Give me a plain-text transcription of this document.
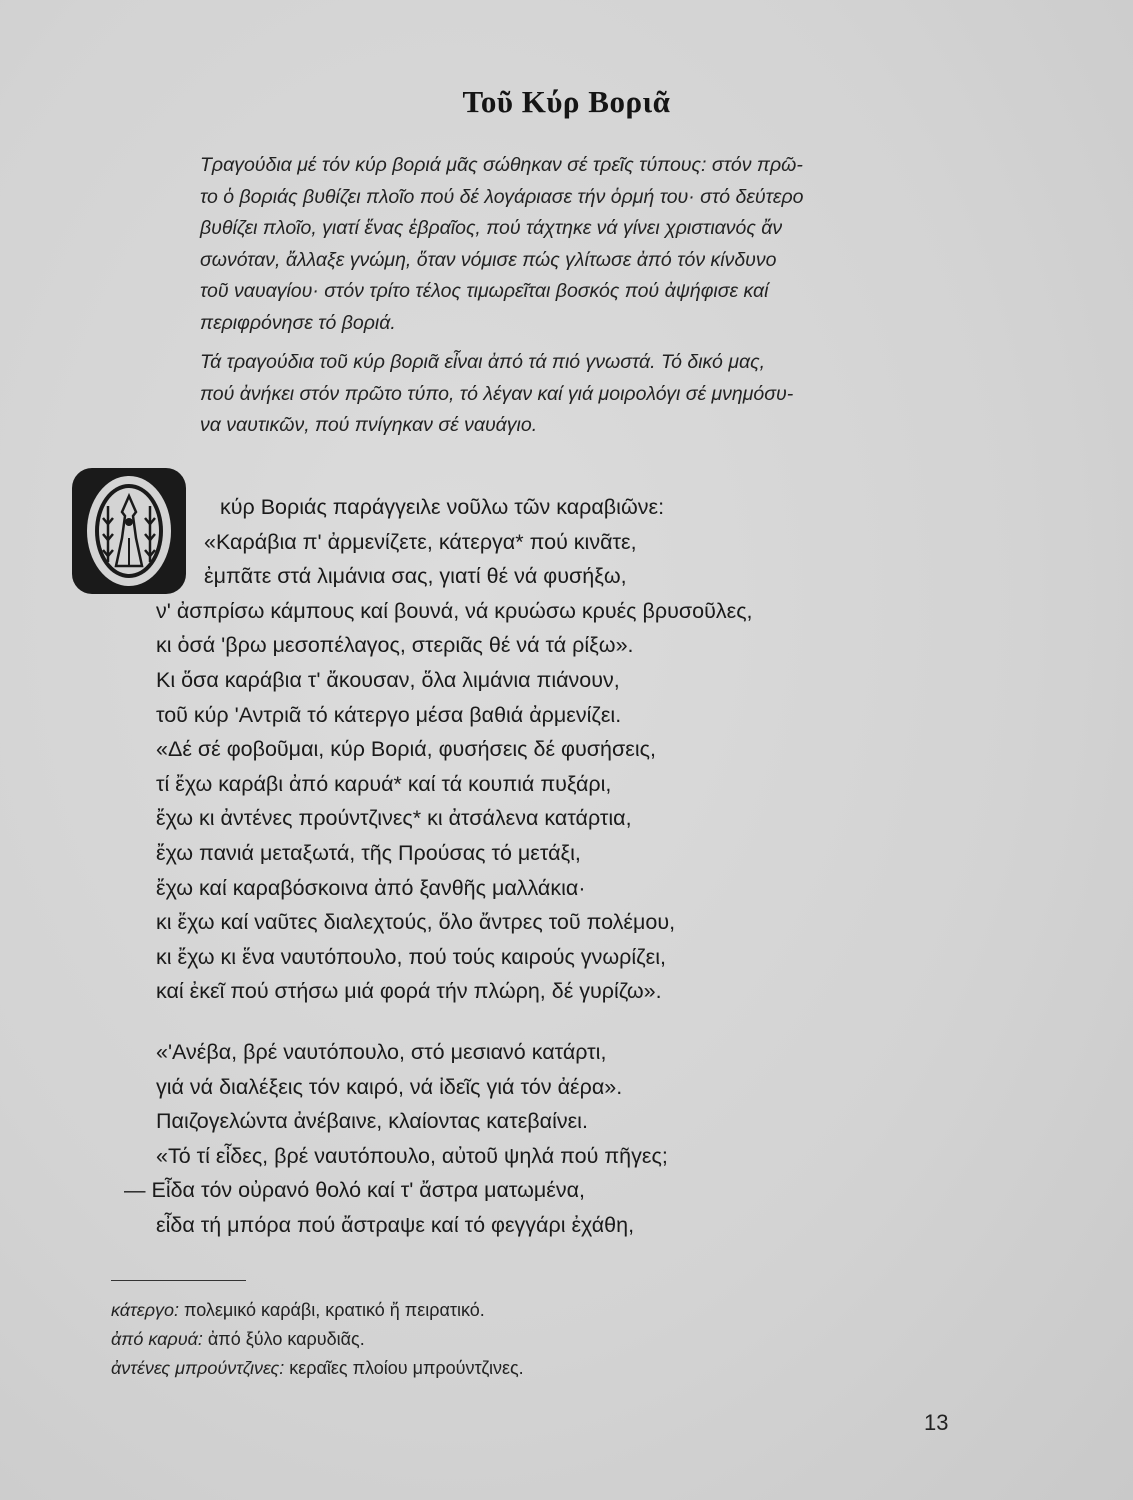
Τοῦ Κύρ Βοριᾶ

Τραγούδια μέ τόν κύρ βοριά μᾶς σώθηκαν σέ τρεῖς τύπους: στόν πρῶ-
το ὁ βοριάς βυθίζει πλοῖο πού δέ λογάριασε τήν ὁρμή του· στό δεύτερο
βυθίζει πλοῖο, γιατί ἕνας ἑβραῖος, πού τάχτηκε νά γίνει χριστιανός ἄν
σωνόταν, ἄλλαξε γνώμη, ὅταν νόμισε πώς γλίτωσε ἀπό τόν κίνδυνο
τοῦ ναυαγίου· στόν τρίτο τέλος τιμωρεῖται βοσκός πού ἀψήφισε καί
περιφρόνησε τό βοριά.

Τά τραγούδια τοῦ κύρ βοριᾶ εἶναι ἀπό τά πιό γνωστά. Τό δικό μας,
πού ἀνήκει στόν πρῶτο τύπο, τό λέγαν καί γιά μοιρολόγι σέ μνημόσυ-
να ναυτικῶν, πού πνίγηκαν σέ ναυάγιο.

κύρ Βοριάς παράγγειλε νοῦλω τῶν καραβιῶνε:
«Καράβια π' ἀρμενίζετε, κάτεργα* πού κινᾶτε,
ἐμπᾶτε στά λιμάνια σας, γιατί θέ νά φυσήξω,
ν' ἀσπρίσω κάμπους καί βουνά, νά κρυώσω κρυές βρυσοῦλες,
κι ὁσά 'βρω μεσοπέλαγος, στεριᾶς θέ νά τά ρίξω».
Κι ὅσα καράβια τ' ἄκουσαν, ὅλα λιμάνια πιάνουν,
τοῦ κύρ 'Αντριᾶ τό κάτεργο μέσα βαθιά ἀρμενίζει.
«Δέ σέ φοβοῦμαι, κύρ Βοριά, φυσήσεις δέ φυσήσεις,
τί ἔχω καράβι ἀπό καρυά* καί τά κουπιά πυξάρι,
ἔχω κι ἀντένες προύντζινες* κι ἀτσάλενα κατάρτια,
ἔχω πανιά μεταξωτά, τῆς Προύσας τό μετάξι,
ἔχω καί καραβόσκοινα ἀπό ξανθῆς μαλλάκια·
κι ἔχω καί ναῦτες διαλεχτούς, ὅλο ἄντρες τοῦ πολέμου,
κι ἔχω κι ἕνα ναυτόπουλο, πού τούς καιρούς γνωρίζει,
καί ἐκεῖ πού στήσω μιά φορά τήν πλώρη, δέ γυρίζω».
«'Ανέβα, βρέ ναυτόπουλο, στό μεσιανό κατάρτι,
γιά νά διαλέξεις τόν καιρό, νά ἰδεῖς γιά τόν ἀέρα».
Παιζογελώντα ἀνέβαινε, κλαίοντας κατεβαίνει.
«Τό τί εἶδες, βρέ ναυτόπουλο, αὐτοῦ ψηλά πού πῆγες;
— Εἶδα τόν οὐρανό θολό καί τ' ἄστρα ματωμένα,
εἶδα τή μπόρα πού ἄστραψε καί τό φεγγάρι ἐχάθη,
κάτεργο: πολεμικό καράβι, κρατικό ἤ πειρατικό.
ἀπό καρυά: ἀπό ξύλο καρυδιᾶς.
ἀντένες μπρούντζινες: κεραῖες πλοίου μπρούντζινες.
13
